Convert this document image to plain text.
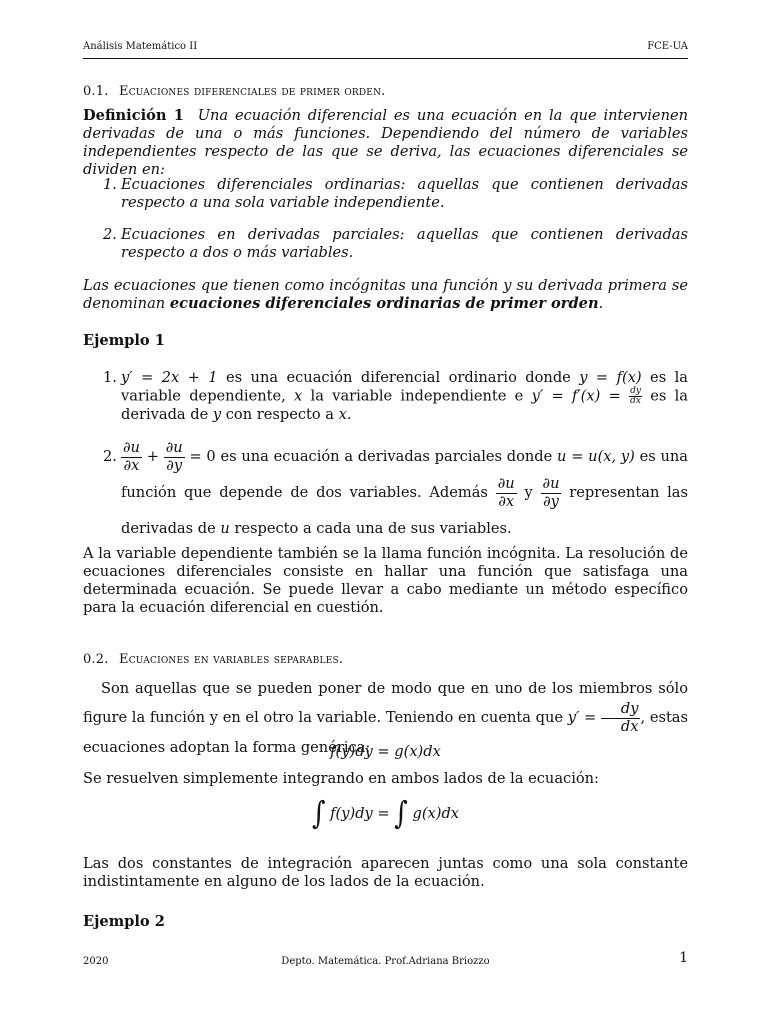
Análisis Matemático II	FCE-UA
0.1. Ecuaciones diferenciales de primer orden.
Definición 1 Una ecuación diferencial es una ecuación en la que intervienen derivadas de una o más funciones. Dependiendo del número de variables independientes respecto de las que se deriva, las ecuaciones diferenciales se dividen en:
1. Ecuaciones diferenciales ordinarias: aquellas que contienen derivadas respecto a una sola variable independiente.
2. Ecuaciones en derivadas parciales: aquellas que contienen derivadas respecto a dos o más variables.
Las ecuaciones que tienen como incógnitas una función y su derivada primera se denominan ecuaciones diferenciales ordinarias de primer orden.
Ejemplo 1
1. y′ = 2x + 1 es una ecuación diferencial ordinario donde y = f(x) es la variable dependiente, x la variable independiente e $y' = f'(x) = \frac{dy}{dx}$ es la derivada de y con respecto a x.
2. $\frac{\partial u}{\partial x} + \frac{\partial u}{\partial y} = 0$ es una ecuación a derivadas parciales donde u = u(x, y) es una función que depende de dos variables. Además $\frac{\partial u}{\partial x}$ y $\frac{\partial u}{\partial y}$ representan las derivadas de u respecto a cada una de sus variables.
A la variable dependiente también se la llama función incógnita. La resolución de ecuaciones diferenciales consiste en hallar una función que satisfaga una determinada ecuación. Se puede llevar a cabo mediante un método específico para la ecuación diferencial en cuestión.
0.2. Ecuaciones en variables separables.
Son aquellas que se pueden poner de modo que en uno de los miembros sólo figure la función y en el otro la variable. Teniendo en cuenta que $y' = \frac{dy}{dx}$ , estas ecuaciones adoptan la forma genérica:
f(y)dy = g(x)dx
Se resuelven simplemente integrando en ambos lados de la ecuación:
∫ f(y)dy = ∫ g(x)dx
Las dos constantes de integración aparecen juntas como una sola constante indistintamente en alguno de los lados de la ecuación.
Ejemplo 2
2020	Depto. Matemática. Prof.Adriana Briozzo	1
